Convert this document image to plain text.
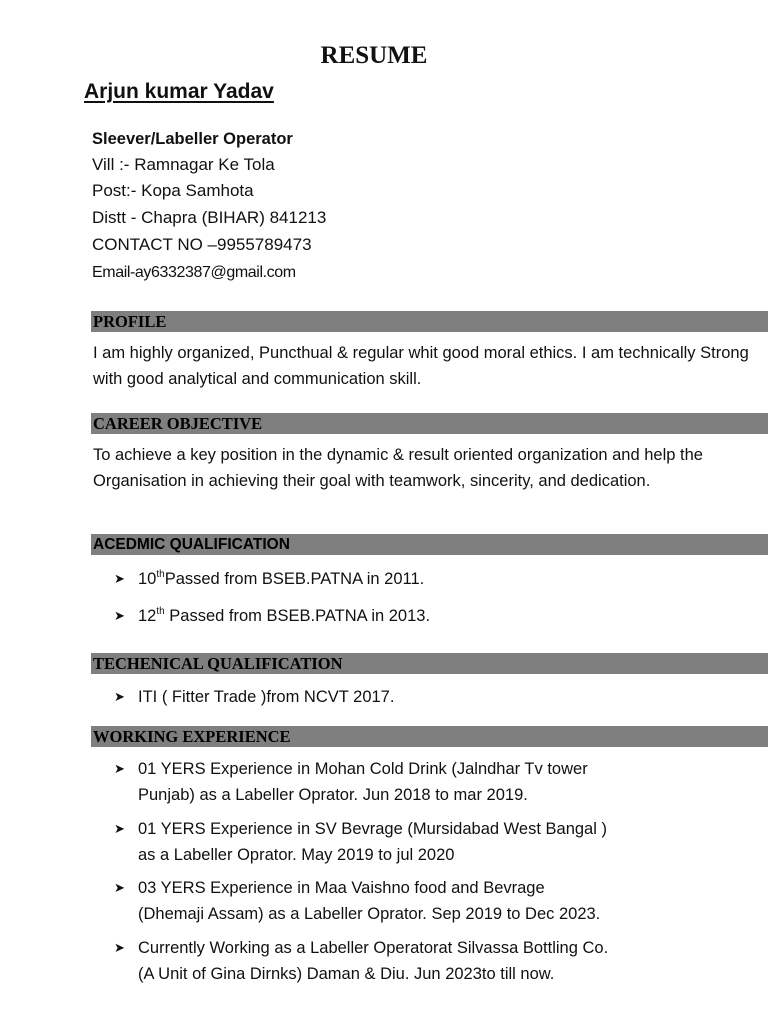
RESUME
Arjun kumar Yadav
Sleever/Labeller Operator
Vill :- Ramnagar Ke Tola
Post:- Kopa Samhota
Distt - Chapra (BIHAR) 841213
CONTACT NO –9955789473
Email-ay6332387@gmail.com
PROFILE

I am highly organized, Puncthual & regular whit good moral ethics. I am technically Strong with good analytical and communication skill.

CAREER OBJECTIVE

To achieve a key position in the dynamic & result oriented organization and help the Organisation in achieving their goal with teamwork, sincerity, and dedication.

ACEDMIC QUALIFICATION
➤ 10thPassed from BSEB.PATNA in 2011.
➤ 12th Passed from BSEB.PATNA in 2013.
TECHENICAL QUALIFICATION
➤ ITI ( Fitter Trade )from NCVT 2017.
WORKING EXPERIENCE
➤ 01 YERS Experience in Mohan Cold Drink (Jalndhar Tv tower
Punjab) as a Labeller Oprator. Jun 2018 to mar 2019.
➤ 01 YERS Experience in SV Bevrage (Mursidabad West Bangal )
as a Labeller Oprator. May 2019 to jul 2020
➤ 03 YERS Experience in Maa Vaishno food and Bevrage
(Dhemaji Assam) as a Labeller Oprator. Sep 2019 to Dec 2023.
➤ Currently Working as a Labeller Operatorat Silvassa Bottling Co.
(A Unit of Gina Dirnks) Daman & Diu. Jun 2023to till now.
